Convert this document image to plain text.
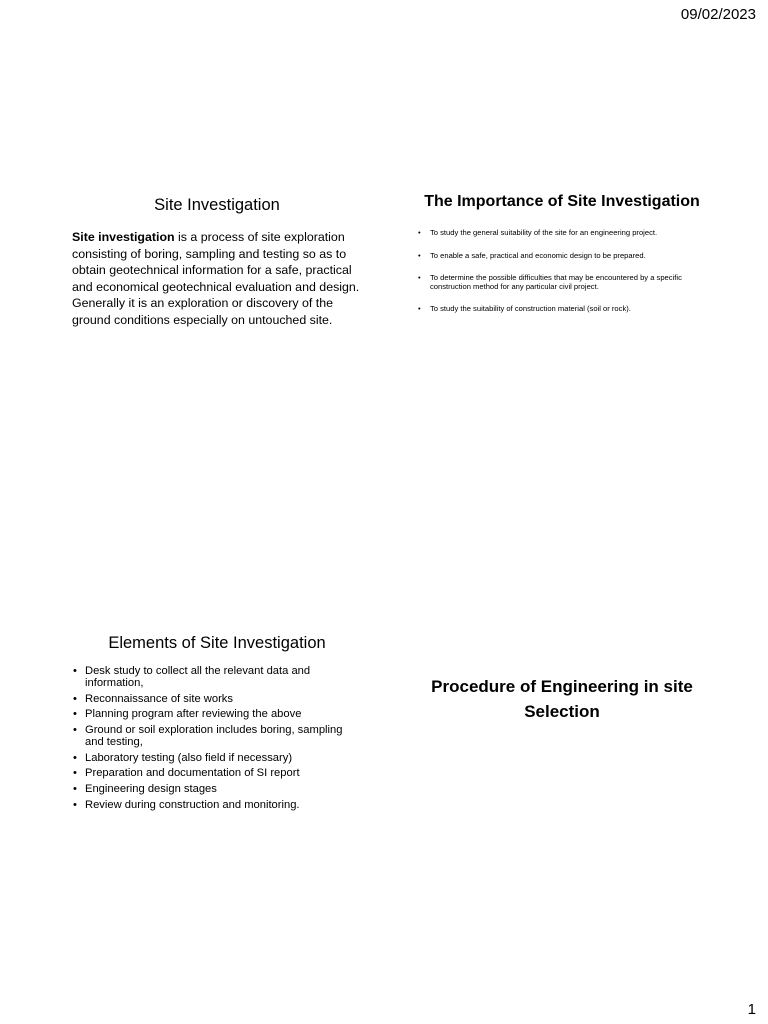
09/02/2023
Site Investigation
Site investigation is a process of site exploration consisting of boring, sampling and testing so as to obtain geotechnical information for a safe, practical and economical geotechnical evaluation and design. Generally it is an exploration or discovery of the ground conditions especially on untouched site.
The Importance of Site Investigation
• To study the general suitability of the site for an engineering project.
• To enable a safe, practical and economic design to be prepared.
• To determine the possible difficulties that may be encountered by a specific construction method for any particular civil project.
• To study the suitability of construction material (soil or rock).
Elements of Site Investigation
• Desk study to collect all the relevant data and information,
• Reconnaissance of site works
• Planning program after reviewing the above
• Ground or soil exploration includes boring, sampling and testing,
• Laboratory testing (also field if necessary)
• Preparation and documentation of SI report
• Engineering design stages
• Review during construction and monitoring.
Procedure of Engineering in site Selection
1
